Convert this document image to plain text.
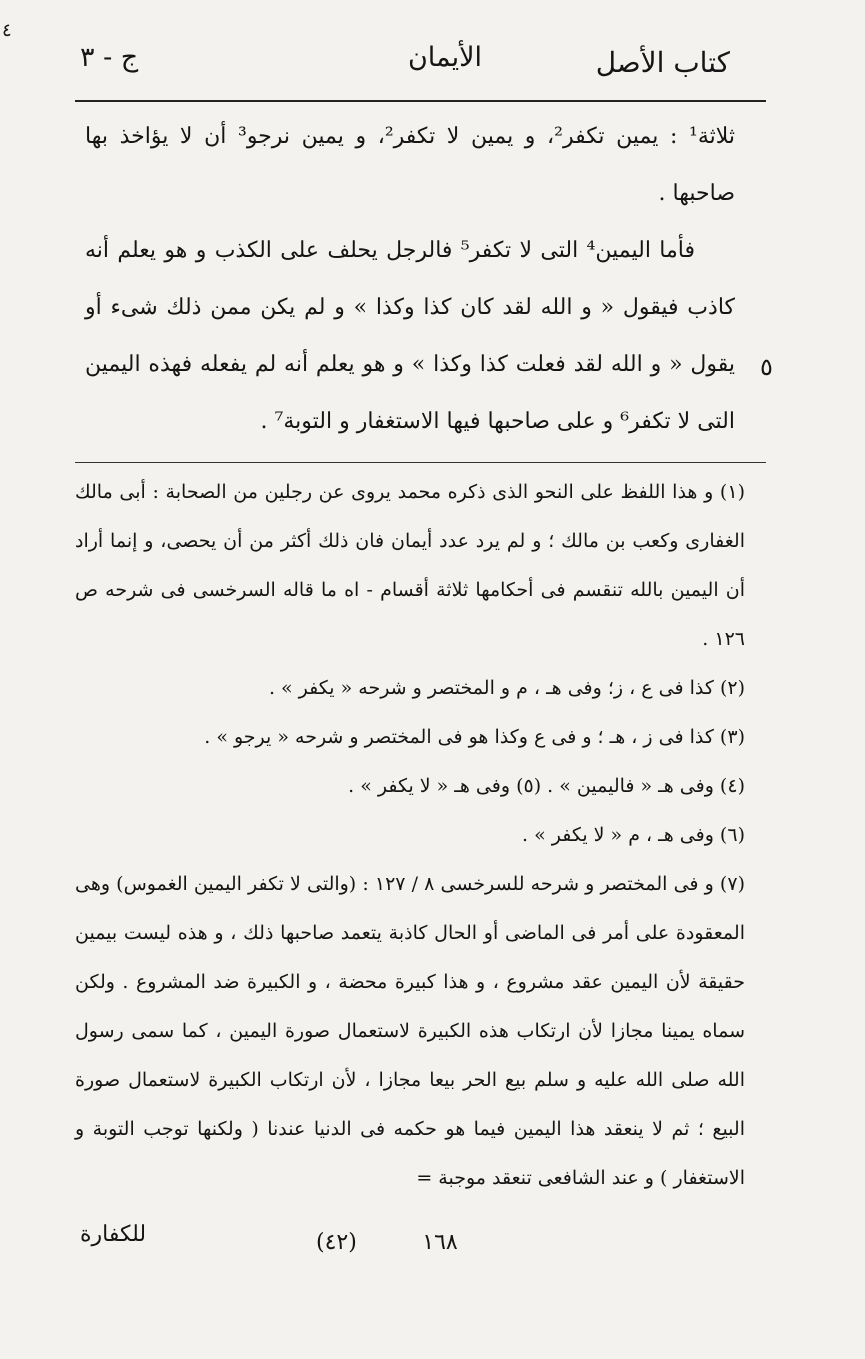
٤
ج - ٣	الأيمان	كتاب الأصل

ثلاثة¹ : يمين تكفر²، و يمين لا تكفر²، و يمين نرجو³ أن لا يؤاخذ بها صاحبها .

فأما اليمين⁴ التى لا تكفر⁵ فالرجل يحلف على الكذب و هو يعلم أنه كاذب فيقول « و الله لقد كان كذا وكذا » و لم يكن ممن ذلك شىء أو يقول « و الله لقد فعلت كذا وكذا » و هو يعلم أنه لم يفعله فهذه اليمين التى لا تكفر⁶ و على صاحبها فيها الاستغفار و التوبة⁷ .

٥

(١) و هذا اللفظ على النحو الذى ذكره محمد يروى عن رجلين من الصحابة : أبى مالك الغفارى وكعب بن مالك ؛ و لم يرد عدد أيمان فان ذلك أكثر من أن يحصى، و إنما أراد أن اليمين بالله تنقسم فى أحكامها ثلاثة أقسام - اه ما قاله السرخسى فى شرحه ص ١٢٦ .

(٢) كذا فى ع ، ز؛ وفى هـ ، م و المختصر و شرحه « يكفر » .

(٣) كذا فى ز ، هـ ؛ و فى ع وكذا هو فى المختصر و شرحه « يرجو » .

(٤) وفى هـ « فاليمين » . (٥) وفى هـ « لا يكفر » .

(٦) وفى هـ ، م « لا يكفر » .

(٧) و فى المختصر و شرحه للسرخسى ٨ / ١٢٧ : (والتى لا تكفر اليمين الغموس) وهى المعقودة على أمر فى الماضى أو الحال كاذبة يتعمد صاحبها ذلك ، و هذه ليست بيمين حقيقة لأن اليمين عقد مشروع ، و هذا كبيرة محضة ، و الكبيرة ضد المشروع . ولكن سماه يمينا مجازا لأن ارتكاب هذه الكبيرة لاستعمال صورة اليمين ، كما سمى رسول الله صلى الله عليه و سلم بيع الحر بيعا مجازا ، لأن ارتكاب الكبيرة لاستعمال صورة البيع ؛ ثم لا ينعقد هذا اليمين فيما هو حكمه فى الدنيا عندنا ( ولكنها توجب التوبة و الاستغفار ) و عند الشافعى تنعقد موجبة =

للكفارة	(٤٢)	١٦٨
